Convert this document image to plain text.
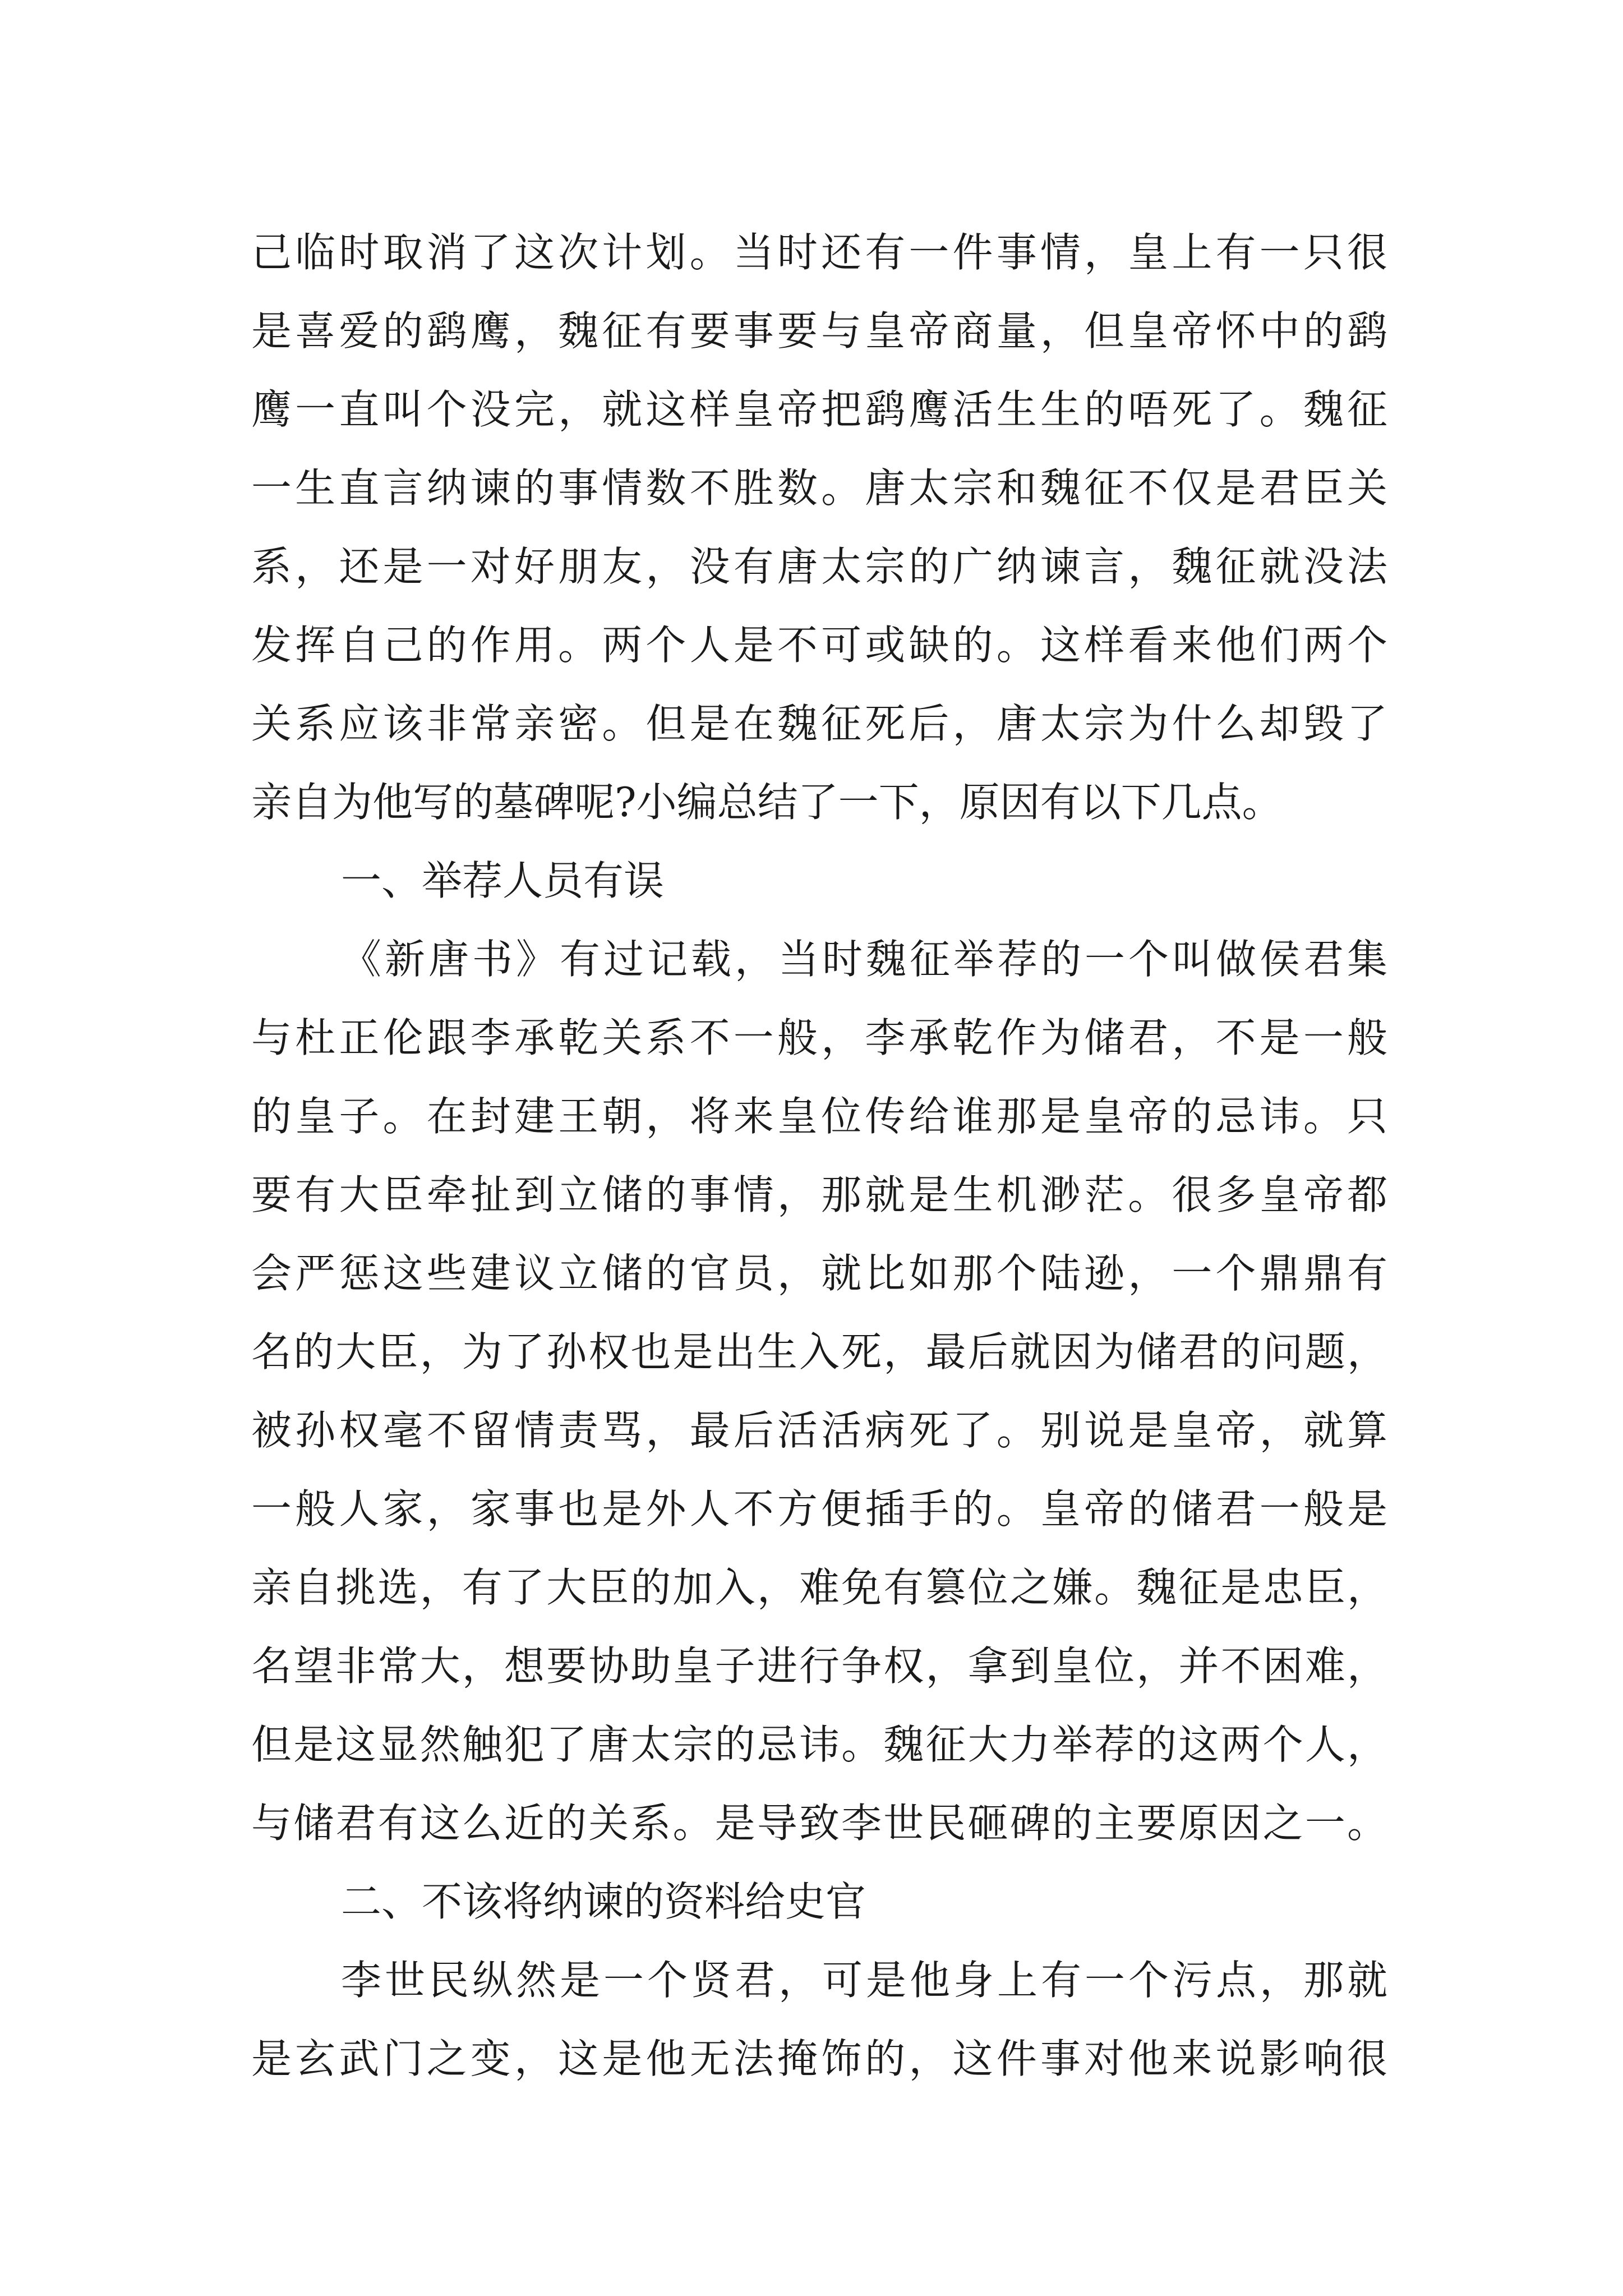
己临时取消了这次计划。当时还有一件事情，皇上有一只很
是喜爱的鹞鹰，魏征有要事要与皇帝商量，但皇帝怀中的鹞
鹰一直叫个没完，就这样皇帝把鹞鹰活生生的唔死了。魏征
一生直言纳谏的事情数不胜数。唐太宗和魏征不仅是君臣关
系，还是一对好朋友，没有唐太宗的广纳谏言，魏征就没法
发挥自己的作用。两个人是不可或缺的。这样看来他们两个
关系应该非常亲密。但是在魏征死后，唐太宗为什么却毁了
亲自为他写的墓碑呢?小编总结了一下，原因有以下几点。
一、举荐人员有误
《新唐书》有过记载，当时魏征举荐的一个叫做侯君集
与杜正伦跟李承乾关系不一般，李承乾作为储君，不是一般
的皇子。在封建王朝，将来皇位传给谁那是皇帝的忌讳。只
要有大臣牵扯到立储的事情，那就是生机渺茫。很多皇帝都
会严惩这些建议立储的官员，就比如那个陆逊，一个鼎鼎有
名的大臣，为了孙权也是出生入死，最后就因为储君的问题，
被孙权毫不留情责骂，最后活活病死了。别说是皇帝，就算
一般人家，家事也是外人不方便插手的。皇帝的储君一般是
亲自挑选，有了大臣的加入，难免有篡位之嫌。魏征是忠臣，
名望非常大，想要协助皇子进行争权，拿到皇位，并不困难，
但是这显然触犯了唐太宗的忌讳。魏征大力举荐的这两个人，
与储君有这么近的关系。是导致李世民砸碑的主要原因之一。
二、不该将纳谏的资料给史官
李世民纵然是一个贤君，可是他身上有一个污点，那就
是玄武门之变，这是他无法掩饰的，这件事对他来说影响很
